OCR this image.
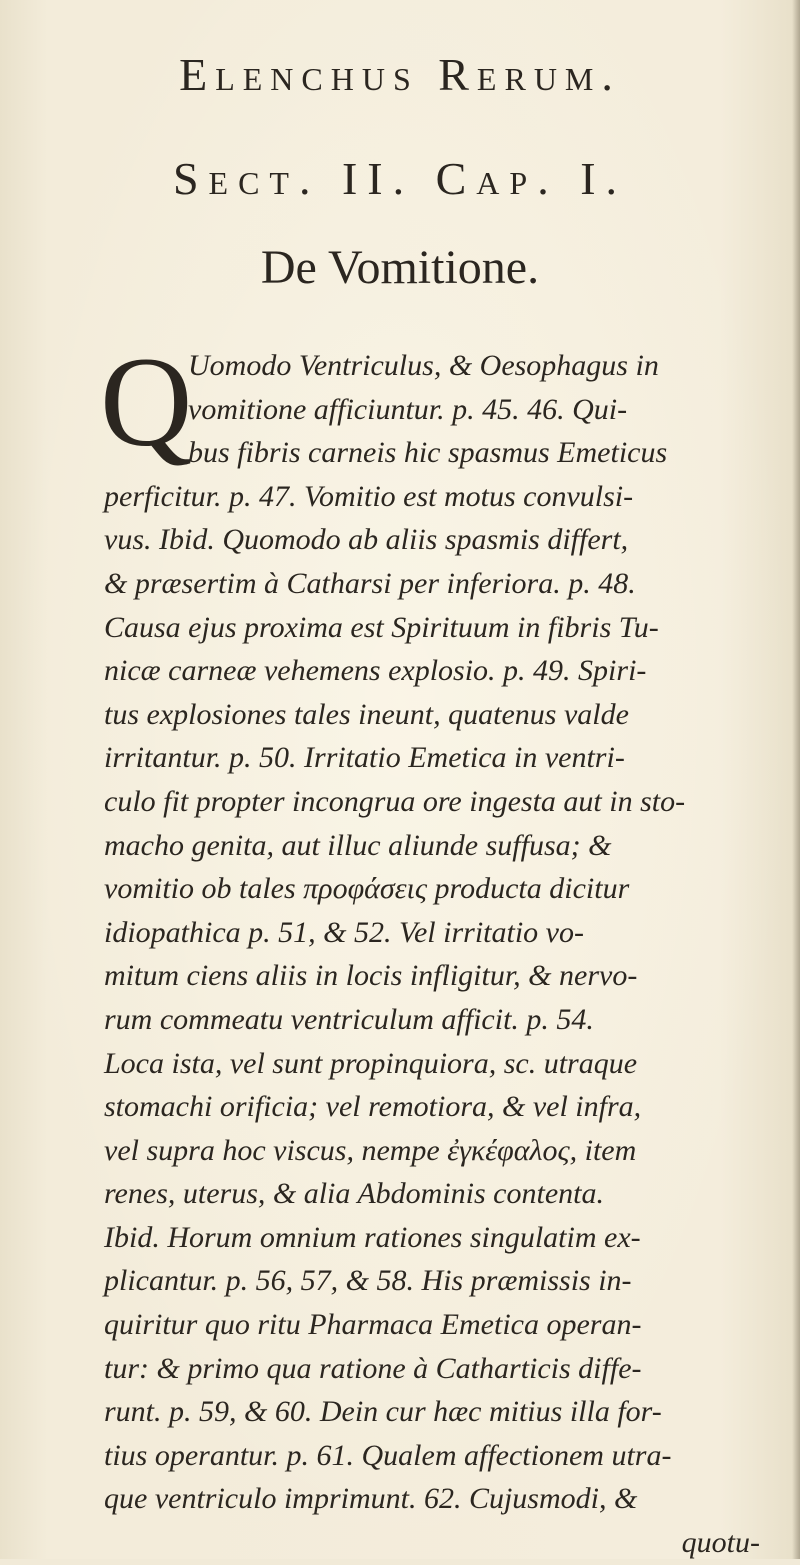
Elenchus Rerum.
Sect. II. Cap. I.
De Vomitione.
Q
Uomodo Ventriculus, & Oesophagus in
vomitione afficiuntur. p. 45. 46. Qui-
bus fibris carneis hic spasmus Emeticus
perficitur. p. 47. Vomitio est motus convulsi-
vus. Ibid. Quomodo ab aliis spasmis differt,
& præsertim à Catharsi per inferiora. p. 48.
Causa ejus proxima est Spirituum in fibris Tu-
nicæ carneæ vehemens explosio. p. 49. Spiri-
tus explosiones tales ineunt, quatenus valde
irritantur. p. 50. Irritatio Emetica in ventri-
culo fit propter incongrua ore ingesta aut in sto-
macho genita, aut illuc aliunde suffusa; &
vomitio ob tales προφάσεις producta dicitur
idiopathica p. 51, & 52. Vel irritatio vo-
mitum ciens aliis in locis infligitur, & nervo-
rum commeatu ventriculum afficit. p. 54.
Loca ista, vel sunt propinquiora, sc. utraque
stomachi orificia; vel remotiora, & vel infra,
vel supra hoc viscus, nempe ἐγκέφαλος, item
renes, uterus, & alia Abdominis contenta.
Ibid. Horum omnium rationes singulatim ex-
plicantur. p. 56, 57, & 58. His præmissis in-
quiritur quo ritu Pharmaca Emetica operan-
tur: & primo qua ratione à Catharticis diffe-
runt. p. 59, & 60. Dein cur hæc mitius illa for-
tius operantur. p. 61. Qualem affectionem utra-
que ventriculo imprimunt. 62. Cujusmodi, &
quotu-
